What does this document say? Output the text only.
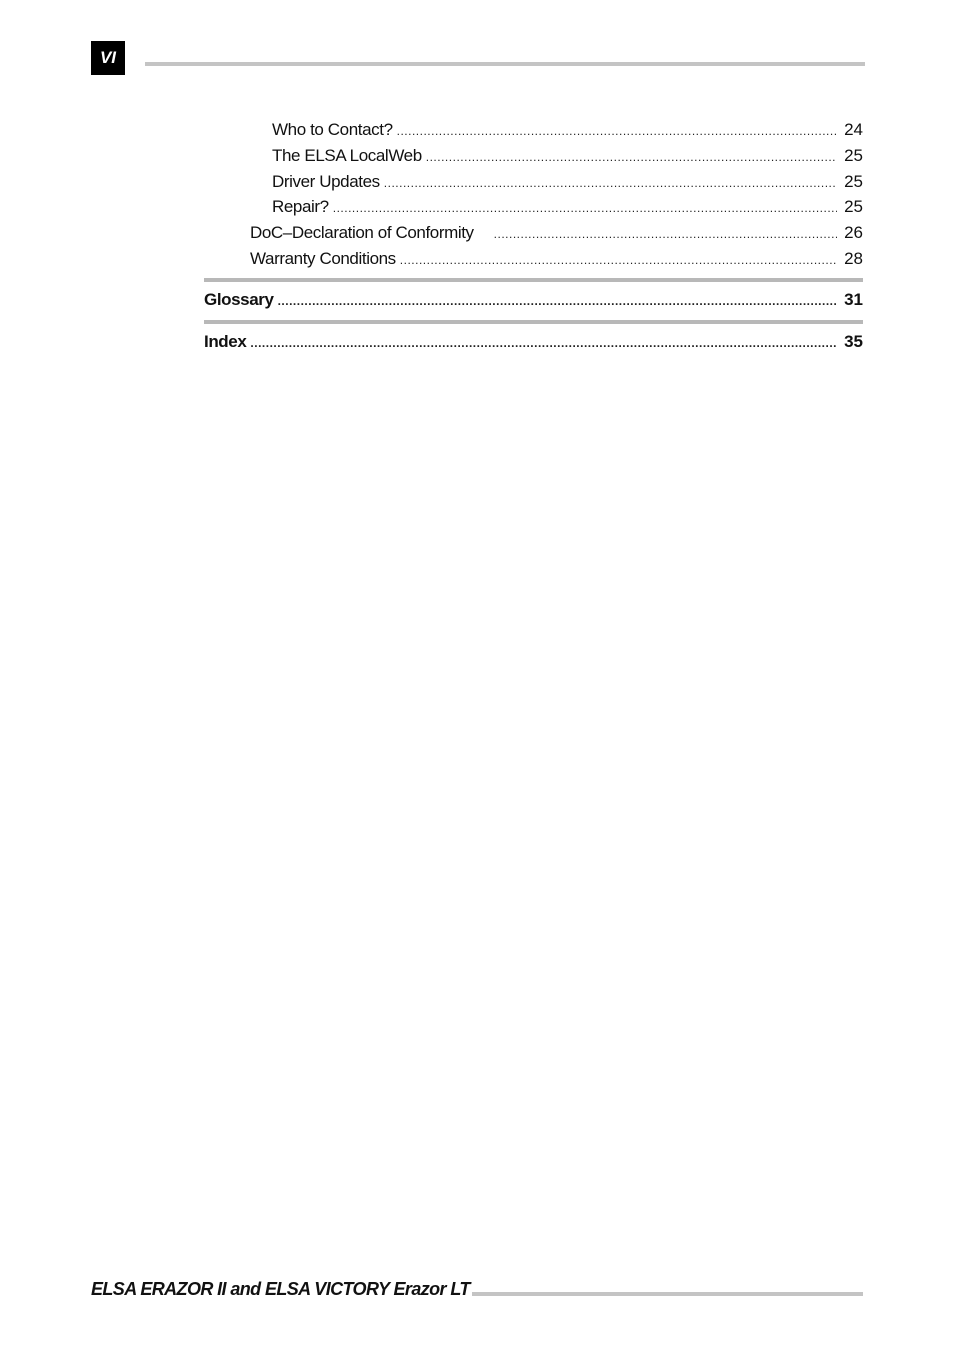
VI
Who to Contact? .....	24
The ELSA LocalWeb .....	25
Driver Updates .....	25
Repair? .....	25
DoC–Declaration of Conformity .....	26
Warranty Conditions .....	28
Glossary .....	31
Index .....	35
ELSA ERAZOR II and ELSA VICTORY Erazor LT
